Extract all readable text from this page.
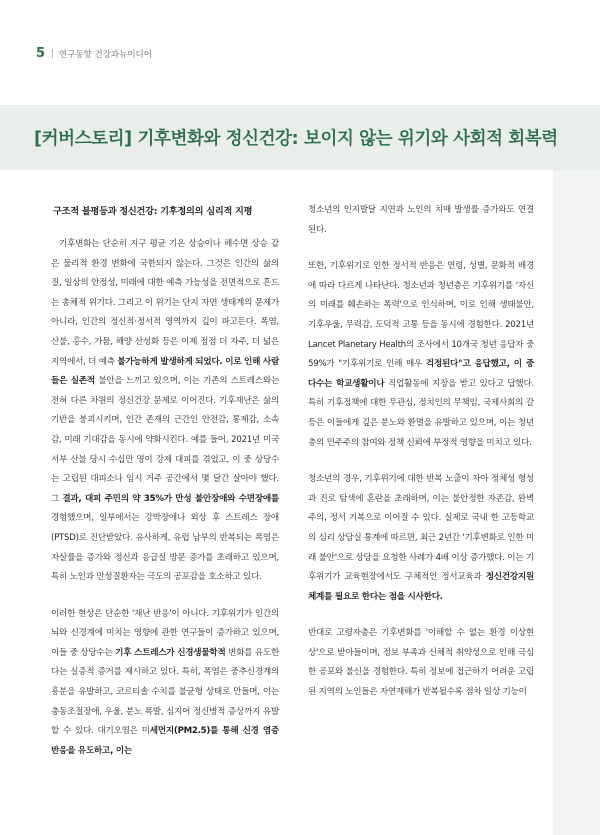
5 | 연구동향 건강과뉴미디어
[커버스토리] 기후변화와 정신건강: 보이지 않는 위기와 사회적 회복력
구조적 불평등과 정신건강: 기후정의의 심리적 지평

기후변화는 단순히 지구 평균 기온 상승이나 해수면 상승 같은 물리적 환경 변화에 국한되지 않는다. 그것은 인간의 삶의 질, 일상의 안정성, 미래에 대한 예측 가능성을 전면적으로 흔드는 총체적 위기다. 그리고 이 위기는 단지 자연 생태계의 문제가 아니라, 인간의 정신적·정서적 영역까지 깊이 파고든다. 폭염, 산불, 홍수, 가뭄, 해양 산성화 등은 이제 점점 더 자주, 더 넓은 지역에서, 더 예측 불가능하게 발생하게 되었다. 이로 인해 사람들은 실존적 불안을 느끼고 있으며, 이는 기존의 스트레스와는 전혀 다른 차원의 정신건강 문제로 이어진다. 기후재난은 삶의 기반을 붕괴시키며, 인간 존재의 근간인 안전감, 통제감, 소속감, 미래 기대감을 동시에 약화시킨다. 예를 들어, 2021년 미국 서부 산불 당시 수십만 명이 강제 대피를 겪었고, 이 중 상당수는 고립된 대피소나 임시 거주 공간에서 몇 달간 살아야 했다. 그 결과, 대피 주민의 약 35%가 만성 불안장애와 수면장애를 경험했으며, 일부에서는 강박장애나 외상 후 스트레스 장애(PTSD)로 진단받았다. 유사하게, 유럽 남부의 반복되는 폭염은 자살률을 증가와 정신과 응급실 방문 증가를 초래하고 있으며, 특히 노인과 만성질환자는 극도의 공포감을 호소하고 있다.

이러한 현상은 단순한 '재난 반응'이 아니다. 기후위기가 인간의 뇌와 신경계에 미치는 영향에 관한 연구들이 증가하고 있으며, 이들 중 상당수는 기후 스트레스가 신경생물학적 변화를 유도한다는 실증적 증거를 제시하고 있다. 특히, 폭염은 중추신경계의 흥분을 유발하고, 코르티솔 수치를 불균형 상태로 만들며, 이는 충동조절장애, 우울, 분노 폭발, 심지어 정신병적 증상까지 유발할 수 있다. 대기오염은 미세먼지(PM2.5)를 통해 신경 염증 반응을 유도하고, 이는

청소년의 인지발달 지연과 노인의 치매 발생률 증가와도 연결된다.

또한, 기후위기로 인한 정서적 반응은 연령, 성별, 문화적 배경에 따라 다르게 나타난다. 청소년과 청년층은 기후위기를 '자신의 미래를 훼손하는 폭력'으로 인식하며, 이로 인해 생태불안, 기후우울, 무력감, 도덕적 고통 등을 동시에 경험한다. 2021년 Lancet Planetary Health의 조사에서 10개국 청년 응답자 중 59%가 "기후위기로 인해 매우 걱정된다"고 응답했고, 이 중 다수는 학교생활이나 직업활동에 지장을 받고 있다고 답했다. 특히 기후정책에 대한 무관심, 정치인의 무책임, 국제사회의 갈등은 이들에게 깊은 분노와 환멸을 유발하고 있으며, 이는 청년층의 민주주의 참여와 정책 신뢰에 부정적 영향을 미치고 있다.

청소년의 경우, 기후위기에 대한 반복 노출이 자아 정체성 형성과 진로 탐색에 혼란을 초래하며, 이는 불안정한 자존감, 완벽주의, 정서 기복으로 이어질 수 있다. 실제로 국내 한 고등학교의 심리 상담실 통계에 따르면, 최근 2년간 '기후변화로 인한 미래 불안'으로 상담을 요청한 사례가 4배 이상 증가했다. 이는 기후위기가 교육현장에서도 구체적인 정서교육과 정신건강지원체계를 필요로 한다는 점을 시사한다.

반대로 고령자층은 기후변화를 '이해할 수 없는 환경 이상현상'으로 받아들이며, 정보 부족과 신체적 취약성으로 인해 극심한 공포와 불신을 경험한다. 특히 정보에 접근하기 어려운 고립된 지역의 노인들은 자연재해가 반복될수록 점차 일상 기능이
